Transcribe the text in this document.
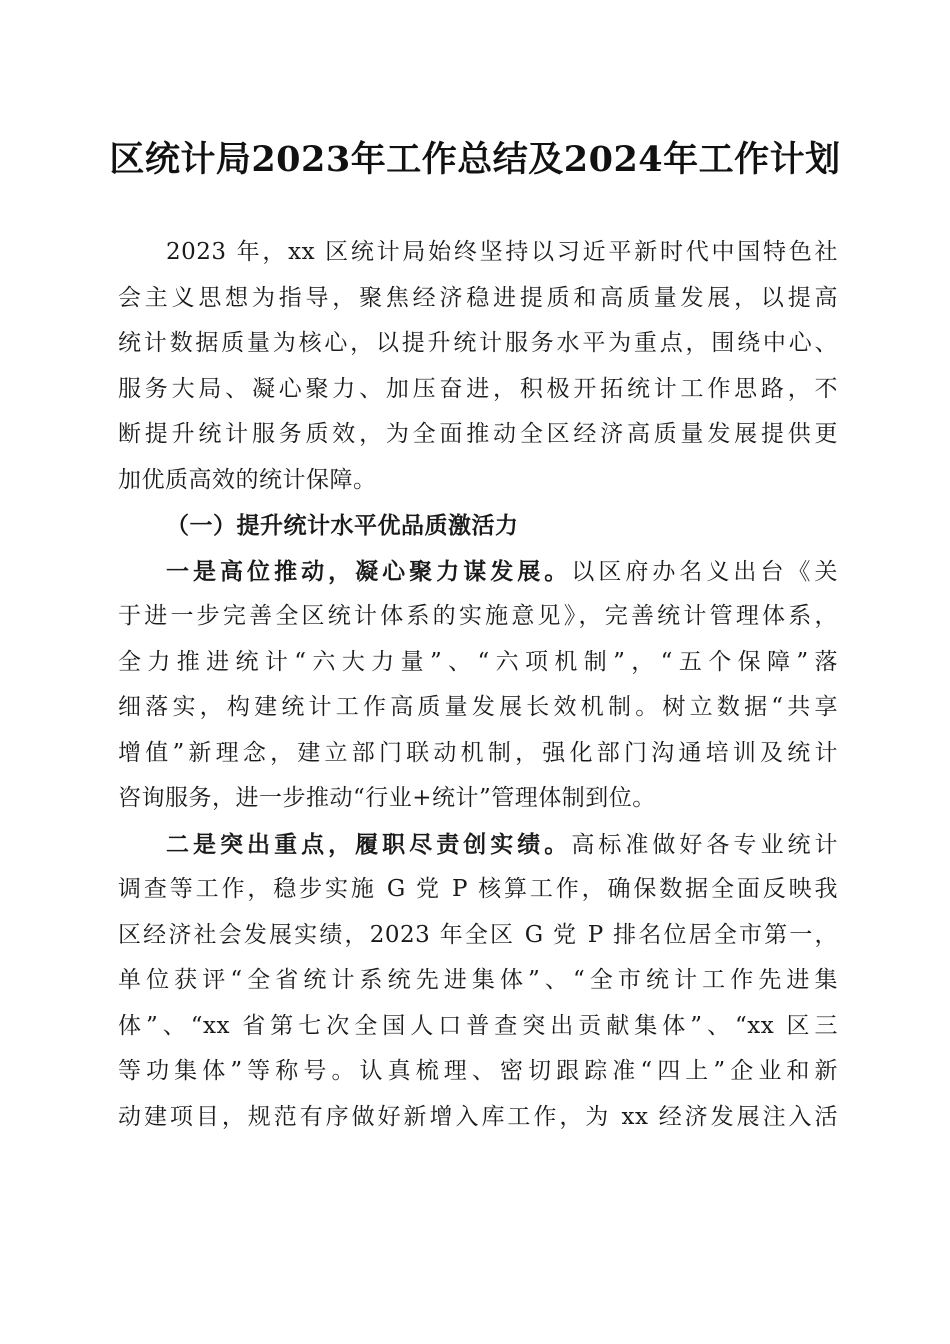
区统计局2023年工作总结及2024年工作计划
2023 年，xx 区统计局始终坚持以习近平新时代中国特色社
会主义思想为指导，聚焦经济稳进提质和高质量发展，以提高
统计数据质量为核心，以提升统计服务水平为重点，围绕中心、
服务大局、凝心聚力、加压奋进，积极开拓统计工作思路，不
断提升统计服务质效，为全面推动全区经济高质量发展提供更
加优质高效的统计保障。
（一）提升统计水平优品质激活力
一是高位推动，凝心聚力谋发展。以区府办名义出台《关
于进一步完善全区统计体系的实施意见》，完善统计管理体系，
全力推进统计“六大力量”、“六项机制”，“五个保障”落
细落实，构建统计工作高质量发展长效机制。树立数据“共享
增值”新理念，建立部门联动机制，强化部门沟通培训及统计
咨询服务，进一步推动“行业+统计”管理体制到位。
二是突出重点，履职尽责创实绩。高标准做好各专业统计
调查等工作，稳步实施 G 党 P 核算工作，确保数据全面反映我
区经济社会发展实绩，2023 年全区 G 党 P 排名位居全市第一，
单位获评“全省统计系统先进集体”、“全市统计工作先进集
体”、“xx 省第七次全国人口普查突出贡献集体”、“xx 区三
等功集体”等称号。认真梳理、密切跟踪准“四上”企业和新
动建项目，规范有序做好新增入库工作，为 xx 经济发展注入活
